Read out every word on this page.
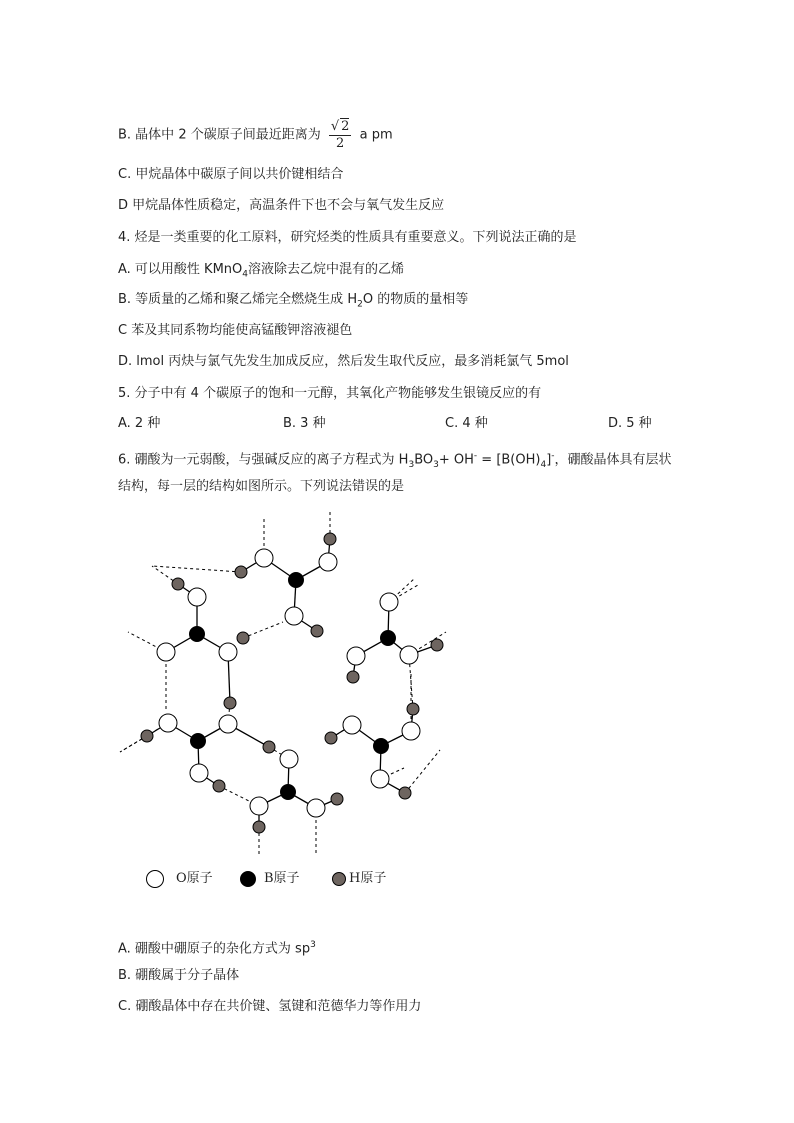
B. 晶体中 2 个碳原子间最近距离为 $\frac{√ 2}{2}$ a pm
C. 甲烷晶体中碳原子间以共价键相结合
D 甲烷晶体性质稳定，高温条件下也不会与氧气发生反应
4. 烃是一类重要的化工原料，研究烃类的性质具有重要意义。下列说法正确的是
A. 可以用酸性 KMnO$_4$溶液除去乙烷中混有的乙烯
B. 等质量的乙烯和聚乙烯完全燃烧生成 $H_2O$ 的物质的量相等
C 苯及其同系物均能使高锰酸钾溶液褪色
D. lmol 丙炔与氯气先发生加成反应，然后发生取代反应，最多消耗氯气 5mol
5. 分子中有 4 个碳原子的饱和一元醇，其氧化产物能够发生银镜反应的有
A. 2 种	B. 3 种	C. 4 种	D. 5 种
6. 硼酸为一元弱酸，与强碱反应的离子方程式为 $H_3BO_3+ OH^- = [B(OH)_4]^-$，硼酸晶体具有层状
结构，每一层的结构如图所示。下列说法错误的是
O原子	B原子	H原子
A. 硼酸中硼原子的杂化方式为 $sp^3$
B. 硼酸属于分子晶体
C. 硼酸晶体中存在共价键、氢键和范德华力等作用力
